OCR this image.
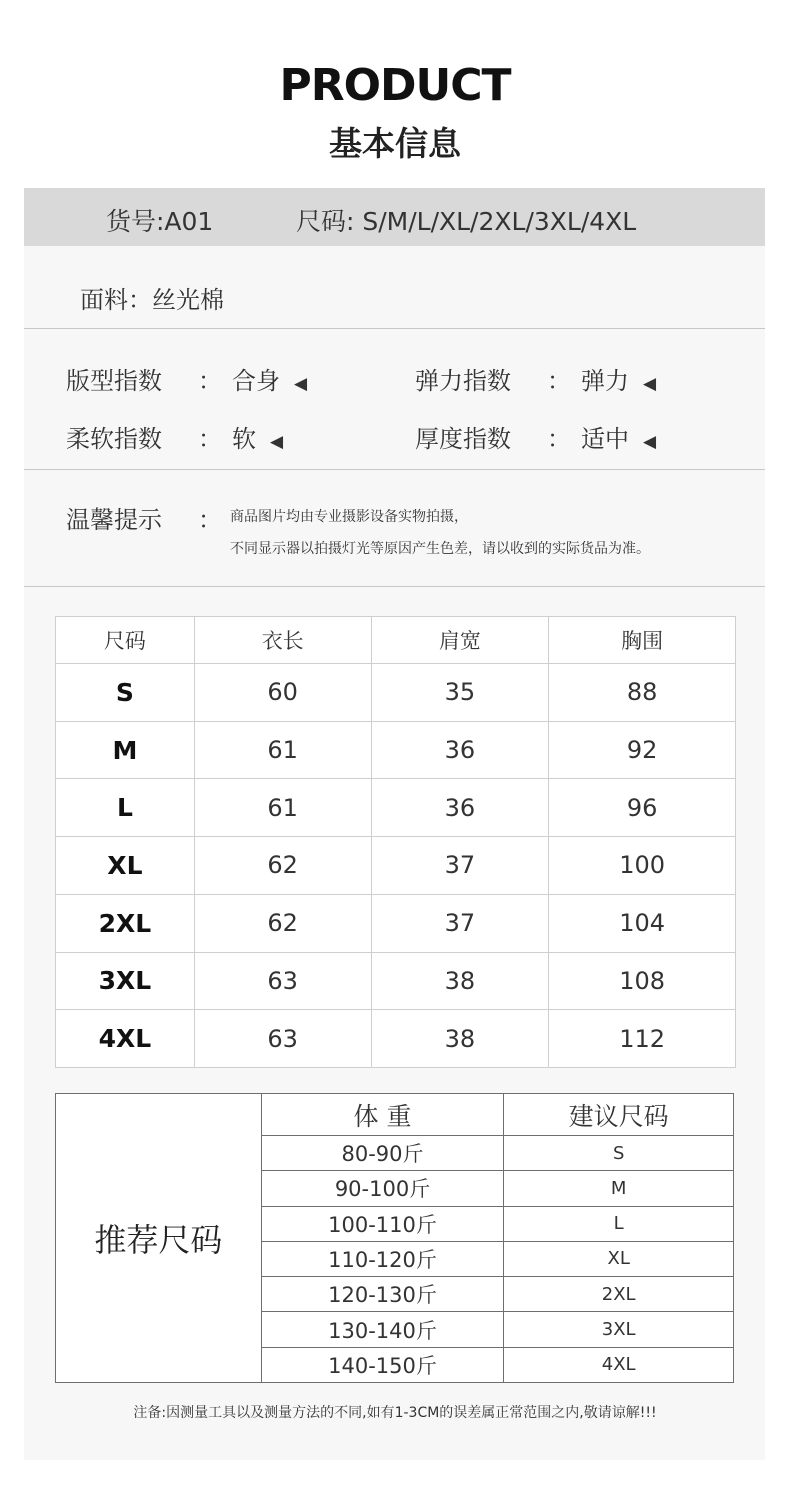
PRODUCT
基本信息
货号:A01	尺码: S/M/L/XL/2XL/3XL/4XL
面料：丝光棉
版型指数 ： 合身 ◀	弹力指数 ： 弹力 ◀
柔软指数 ： 软 ◀	厚度指数 ： 适中 ◀
温馨提示 ： 商品图片均由专业摄影设备实物拍摄，
不同显示器以拍摄灯光等原因产生色差，请以收到的实际货品为准。
尺码	衣长	肩宽	胸围
S	60	35	88
M	61	36	92
L	61	36	96
XL	62	37	100
2XL	62	37	104
3XL	63	38	108
4XL	63	38	112
推荐尺码	体 重	建议尺码
	80-90斤	S
	90-100斤	M
	100-110斤	L
	110-120斤	XL
	120-130斤	2XL
	130-140斤	3XL
	140-150斤	4XL
注备:因测量工具以及测量方法的不同,如有1-3CM的误差属正常范围之内,敬请谅解!!!
